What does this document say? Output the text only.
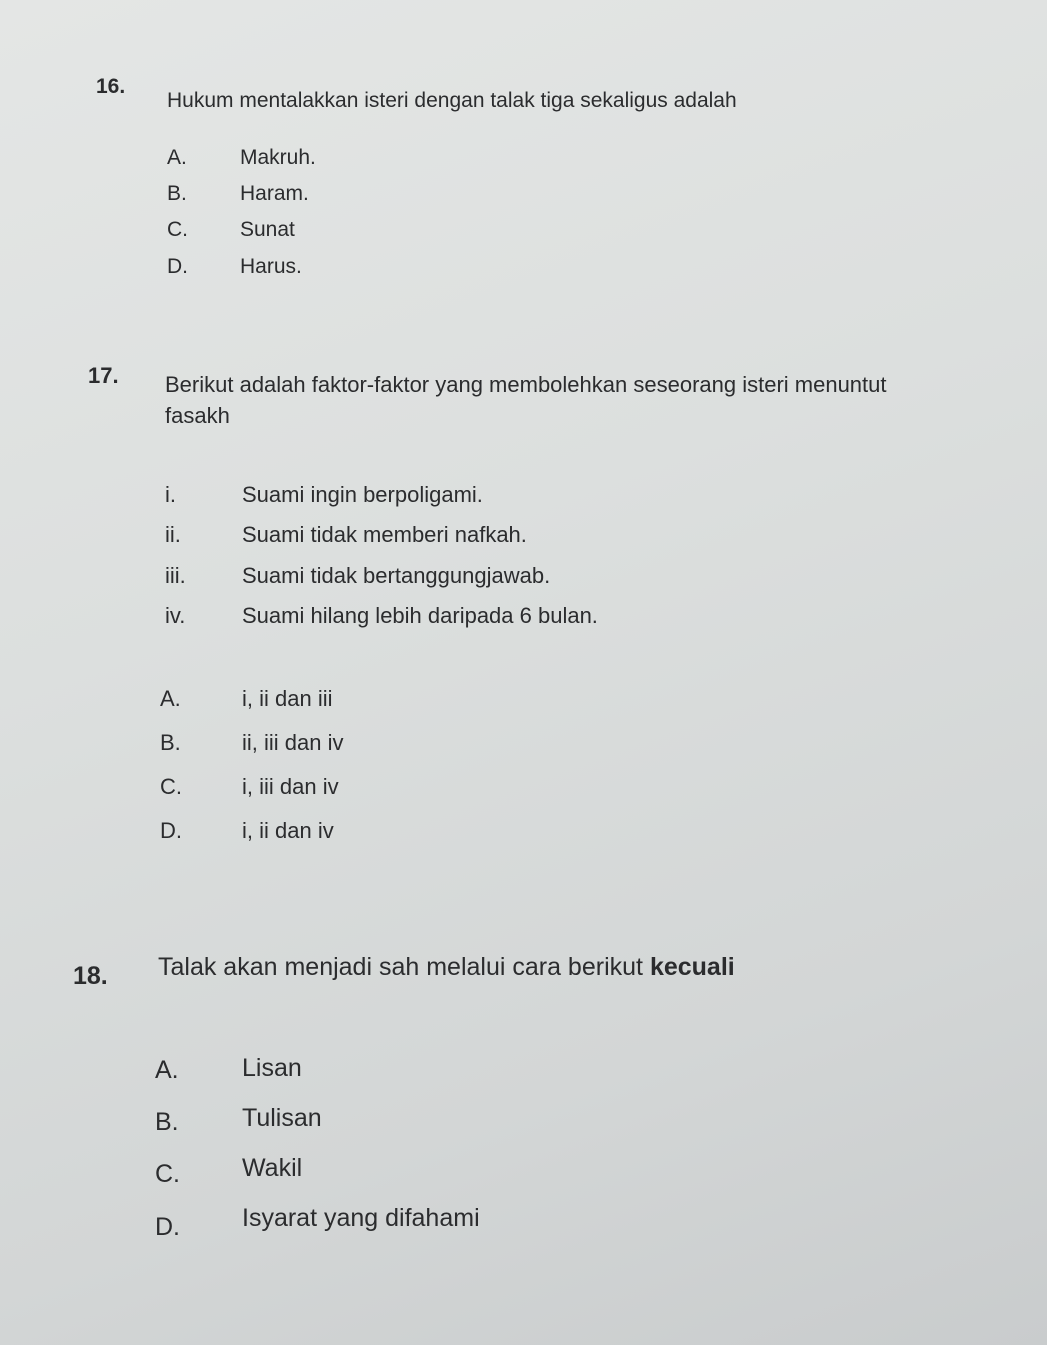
16.
Hukum mentalakkan isteri dengan talak tiga sekaligus adalah
A.	Makruh.
B.	Haram.
C. Sunat
D. Harus.
17. Berikut adalah faktor-faktor yang membolehkan seseorang isteri menuntut
fasakh
i.	Suami ingin berpoligami.
ii.	Suami tidak memberi nafkah.
iii.	Suami tidak bertanggungjawab.
iv.	Suami hilang lebih daripada 6 bulan.
A.	i, ii dan iii
B.	ii, iii dan iv
C.	i, iii dan iv
D.	i, ii dan iv
18. Talak akan menjadi sah melalui cara berikut kecuali
A.	Lisan
B.	Tulisan
C. Wakil
D. Isyarat yang difahami
